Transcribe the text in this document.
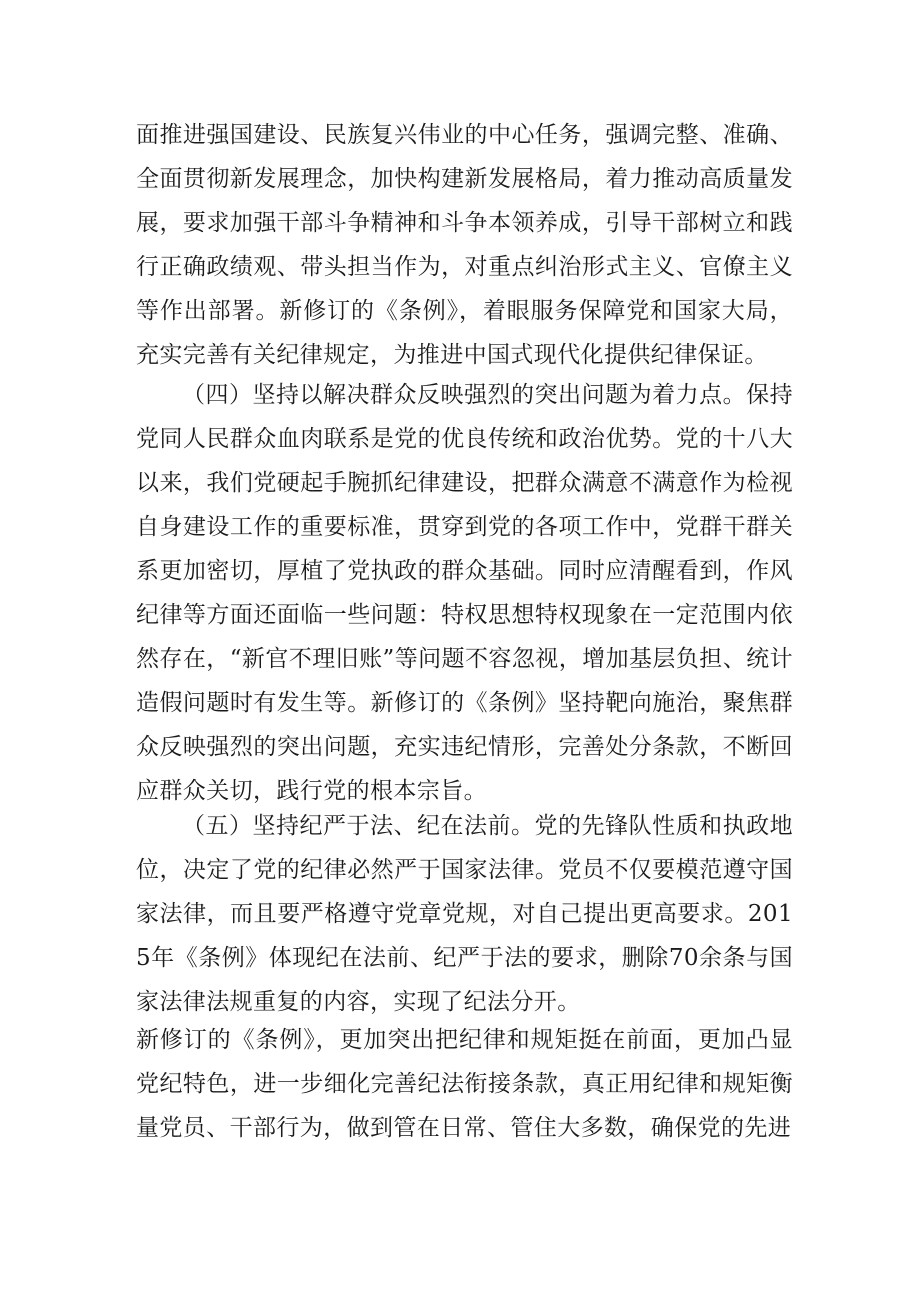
面推进强国建设、民族复兴伟业的中心任务，强调完整、准确、全面贯彻新发展理念，加快构建新发展格局，着力推动高质量发展，要求加强干部斗争精神和斗争本领养成，引导干部树立和践行正确政绩观、带头担当作为，对重点纠治形式主义、官僚主义等作出部署。新修订的《条例》，着眼服务保障党和国家大局，充实完善有关纪律规定，为推进中国式现代化提供纪律保证。

（四）坚持以解决群众反映强烈的突出问题为着力点。保持党同人民群众血肉联系是党的优良传统和政治优势。党的十八大以来，我们党硬起手腕抓纪律建设，把群众满意不满意作为检视自身建设工作的重要标准，贯穿到党的各项工作中，党群干群关系更加密切，厚植了党执政的群众基础。同时应清醒看到，作风纪律等方面还面临一些问题：特权思想特权现象在一定范围内依然存在，“新官不理旧账”等问题不容忽视，增加基层负担、统计造假问题时有发生等。新修订的《条例》坚持靶向施治，聚焦群众反映强烈的突出问题，充实违纪情形，完善处分条款，不断回应群众关切，践行党的根本宗旨。

（五）坚持纪严于法、纪在法前。党的先锋队性质和执政地位，决定了党的纪律必然严于国家法律。党员不仅要模范遵守国家法律，而且要严格遵守党章党规，对自己提出更高要求。2015年《条例》体现纪在法前、纪严于法的要求，删除70余条与国家法律法规重复的内容，实现了纪法分开。

新修订的《条例》，更加突出把纪律和规矩挺在前面，更加凸显党纪特色，进一步细化完善纪法衔接条款，真正用纪律和规矩衡量党员、干部行为，做到管在日常、管住大多数，确保党的先进
